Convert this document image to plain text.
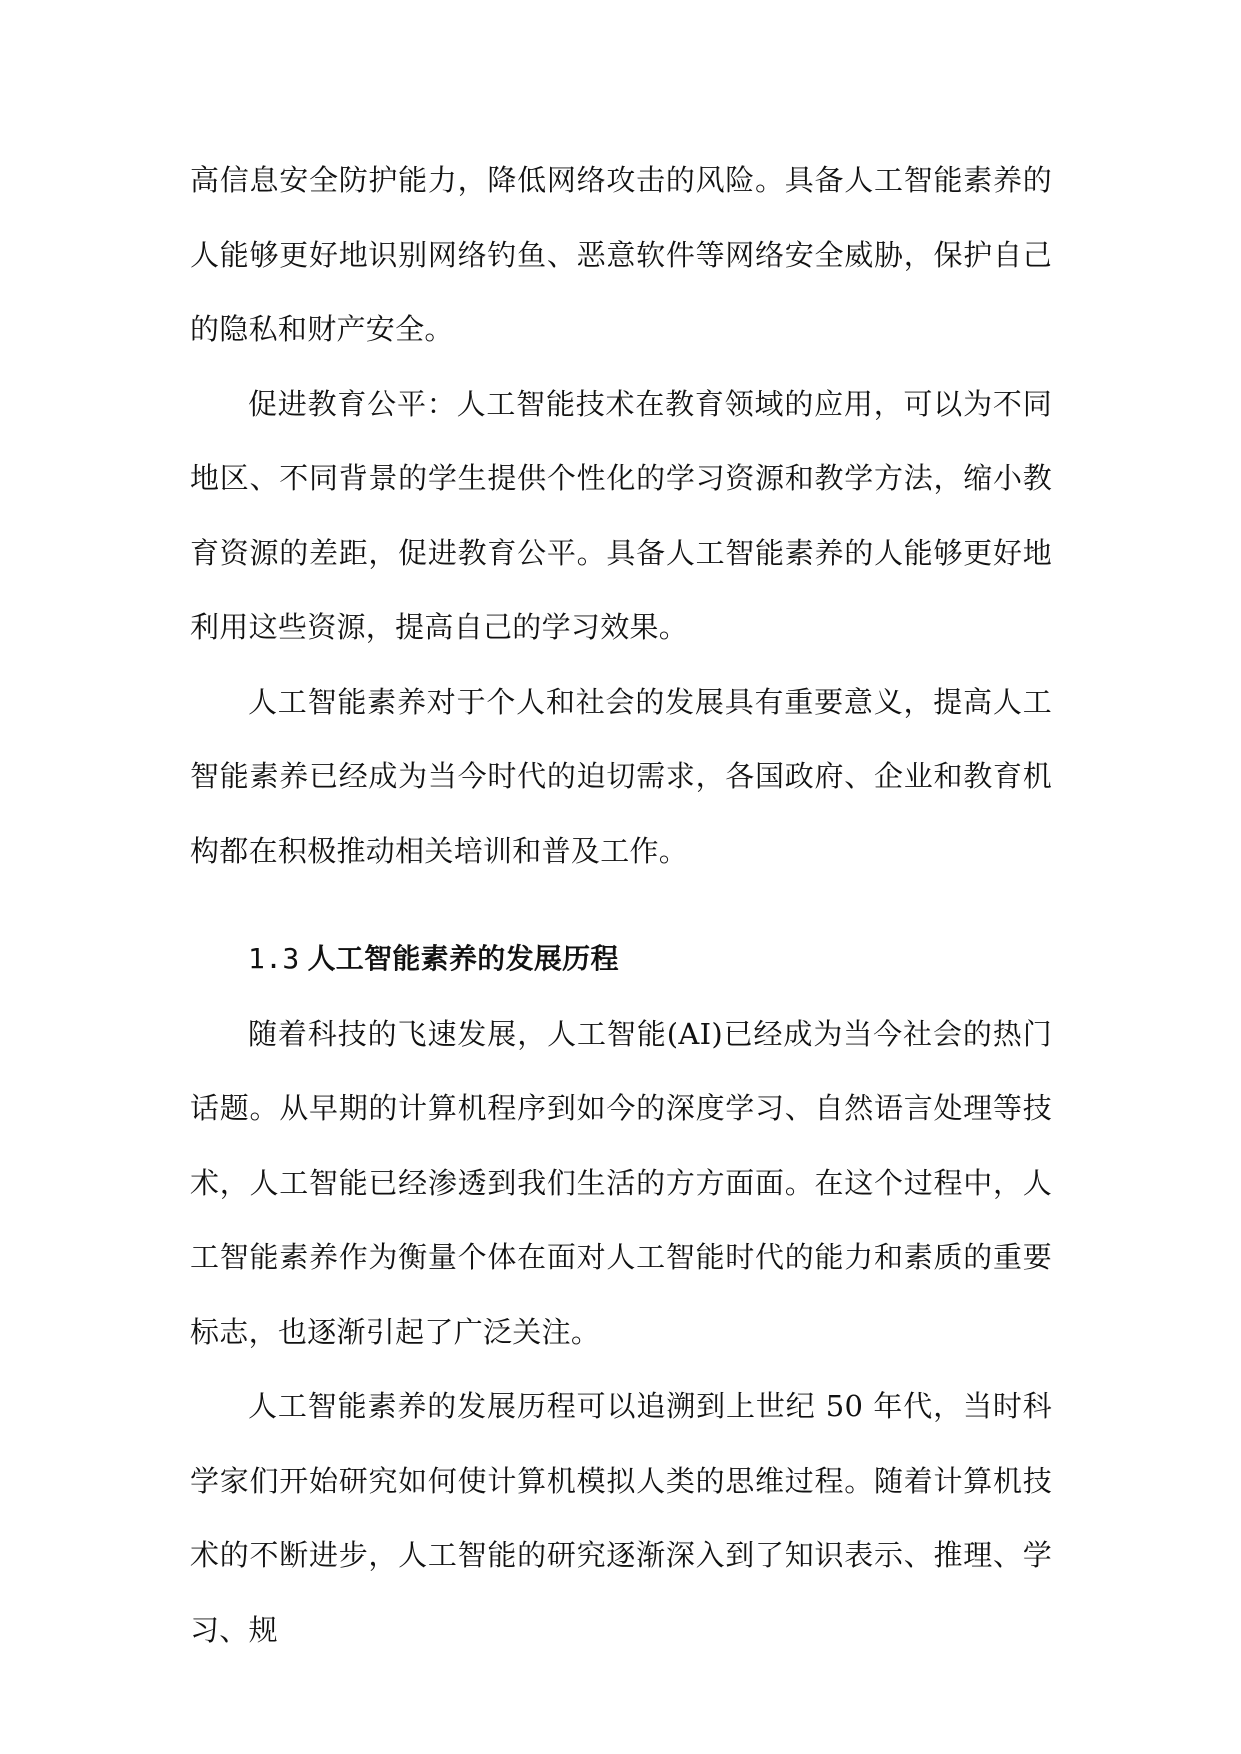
高信息安全防护能力，降低网络攻击的风险。具备人工智能素养的人能够更好地识别网络钓鱼、恶意软件等网络安全威胁，保护自己的隐私和财产安全。

促进教育公平：人工智能技术在教育领域的应用，可以为不同地区、不同背景的学生提供个性化的学习资源和教学方法，缩小教育资源的差距，促进教育公平。具备人工智能素养的人能够更好地利用这些资源，提高自己的学习效果。

人工智能素养对于个人和社会的发展具有重要意义，提高人工智能素养已经成为当今时代的迫切需求，各国政府、企业和教育机构都在积极推动相关培训和普及工作。

1.3 人工智能素养的发展历程

随着科技的飞速发展，人工智能(AI)已经成为当今社会的热门话题。从早期的计算机程序到如今的深度学习、自然语言处理等技术，人工智能已经渗透到我们生活的方方面面。在这个过程中，人工智能素养作为衡量个体在面对人工智能时代的能力和素质的重要标志，也逐渐引起了广泛关注。

人工智能素养的发展历程可以追溯到上世纪 50 年代，当时科学家们开始研究如何使计算机模拟人类的思维过程。随着计算机技术的不断进步，人工智能的研究逐渐深入到了知识表示、推理、学习、规
